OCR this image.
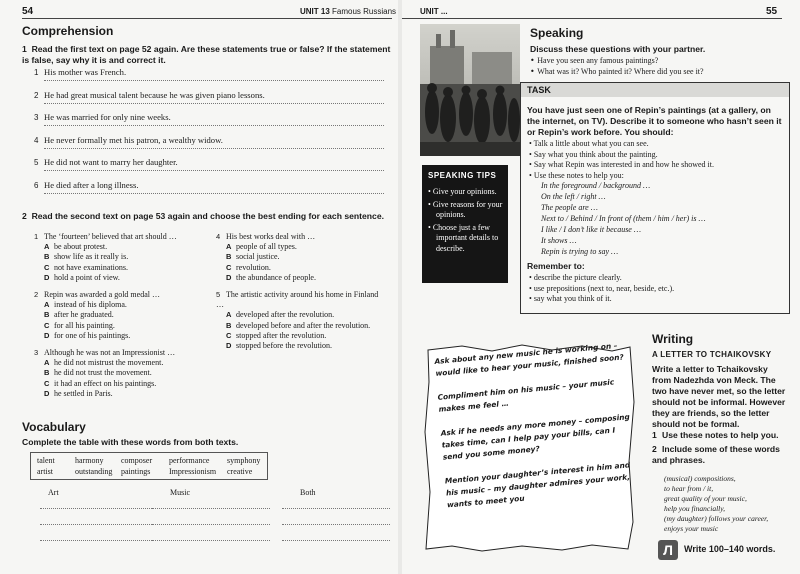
54	UNIT 13 Famous Russians
Comprehension
1 Read the first text on page 52 again. Are these statements true or false? If the statement is false, say why it is and correct it.
2 Read the second text on page 53 again and choose the best ending for each sentence.
Vocabulary
Complete the table with these words from both texts.
talent	harmony composer performance symphony
artist	outstanding paintings Impressionism creative
1 His mother was French.
2 He had great musical talent because he was given piano lessons.
3 He was married for only nine weeks.
4 He never formally met his patron, a wealthy widow.
5 He did not want to marry her daughter.
6 He died after a long illness.
1 The ‘fourteen’ believed that art should …
A be about protest.
B show life as it really is.
C not have examinations.
D hold a point of view.
2 Repin was awarded a gold medal …
A instead of his diploma.
B after he graduated.
C for all his painting.
D for one of his paintings.
3 Although he was not an Impressionist …
A he did not mistrust the movement.
B he did not trust the movement.
C it had an effect on his paintings.
D he settled in Paris.
4 His best works deal with …
A people of all types.
B social justice.
C revolution.
D the abundance of people.
5 The artistic activity around his home in Finland …
A developed after the revolution.
B developed before and after the revolution.
C stopped after the revolution.
D stopped before the revolution.
Art	Music	Both
UNIT ...	55
Speaking
Discuss these questions with your partner.
SPEAKING TIPS
• Give your opinions.
• Give reasons for your opinions.
• Choose just a few important details to describe.
TASK
You have just seen one of Repin’s paintings (at a gallery, on the internet, on TV). Describe it to someone who hasn’t seen it or Repin’s work before. You should:
Remember to:
• Talk a little about what you can see.
• Say what you think about the painting.
• Say what Repin was interested in and how he showed it.
• Use these notes to help you:
In the foreground / background …
On the left / right …
The people are …
Next to / Behind / In front of (them / him / her) is …
I like / I don’t like it because …
It shows …
Repin is trying to say …
• describe the picture clearly.
• use prepositions (next to, near, beside, etc.).
• say what you think of it.
Ask about any new music he is working on – would like to hear your music, finished soon?
Compliment him on his music – your music makes me feel …
Ask if he needs any more money – composing takes time, can I help pay your bills, can I send you some money?
Mention your daughter’s interest in him and his music – my daughter admires your work, wants to meet you
Writing
A LETTER TO TCHAIKOVSKY
Write a letter to Tchaikovsky from Nadezhda von Meck. The two have never met, so the letter should not be informal. However they are friends, so the letter should not be formal.
Л	Write 100–140 words.
• Have you seen any famous paintings?
• What was it? Who painted it? Where did you see it?
1 Use these notes to help you.
2 Include some of these words and phrases.
(musical) compositions,
to hear from / it,
great quality of your music,
help you financially,
(my daughter) follows your career,
enjoys your music
